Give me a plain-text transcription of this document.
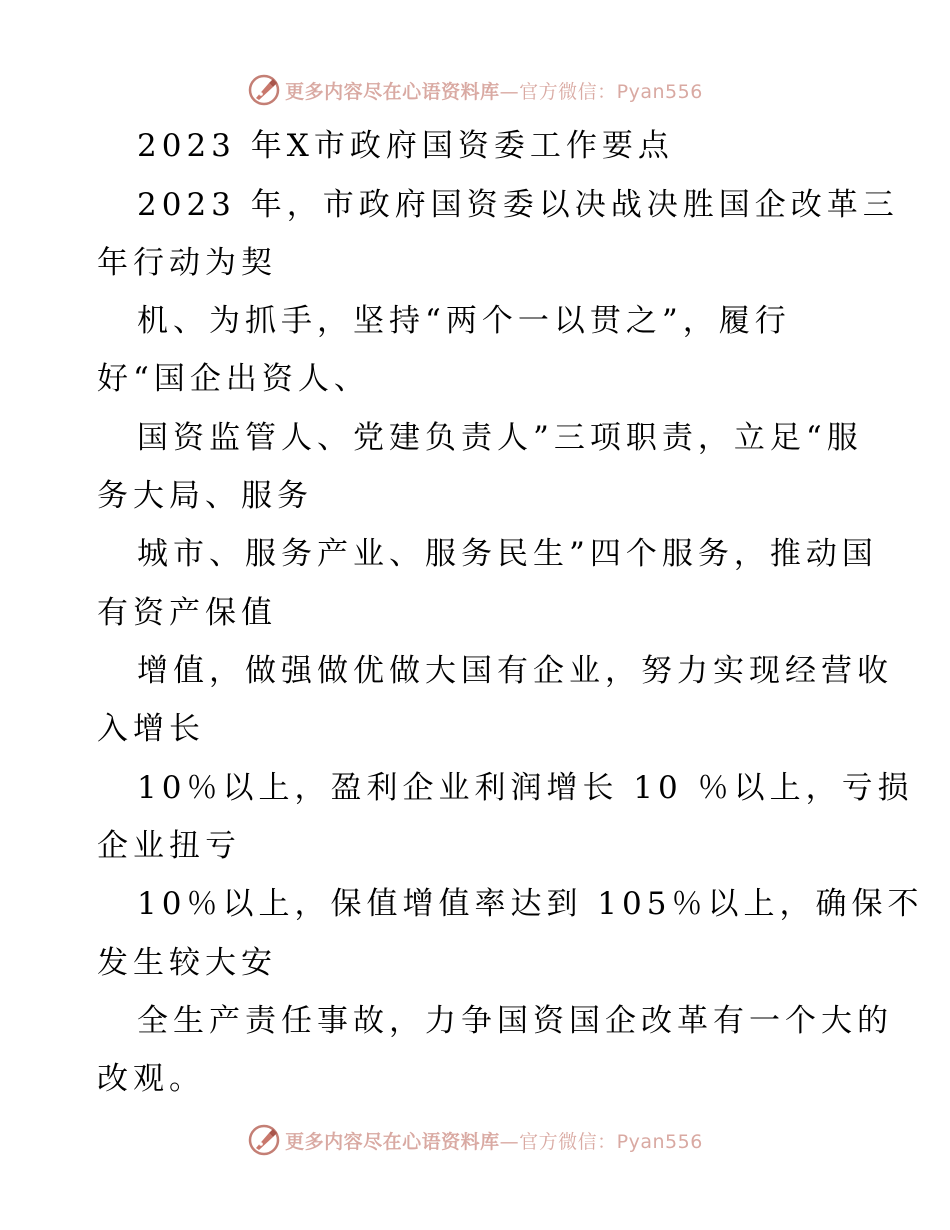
更多内容尽在心语资料库—官方微信：Pyan556
2023 年X市政府国资委工作要点
2023 年，市政府国资委以决战决胜国企改革三
年行动为契
机、为抓手，坚持“两个一以贯之”，履行
好“国企出资人、
国资监管人、党建负责人”三项职责，立足“服
务大局、服务
城市、服务产业、服务民生”四个服务，推动国
有资产保值
增值，做强做优做大国有企业，努力实现经营收
入增长
10％以上，盈利企业利润增长 10 ％以上，亏损
企业扭亏
10％以上，保值增值率达到 105％以上，确保不
发生较大安
全生产责任事故，力争国资国企改革有一个大的
改观。
更多内容尽在心语资料库—官方微信：Pyan556
